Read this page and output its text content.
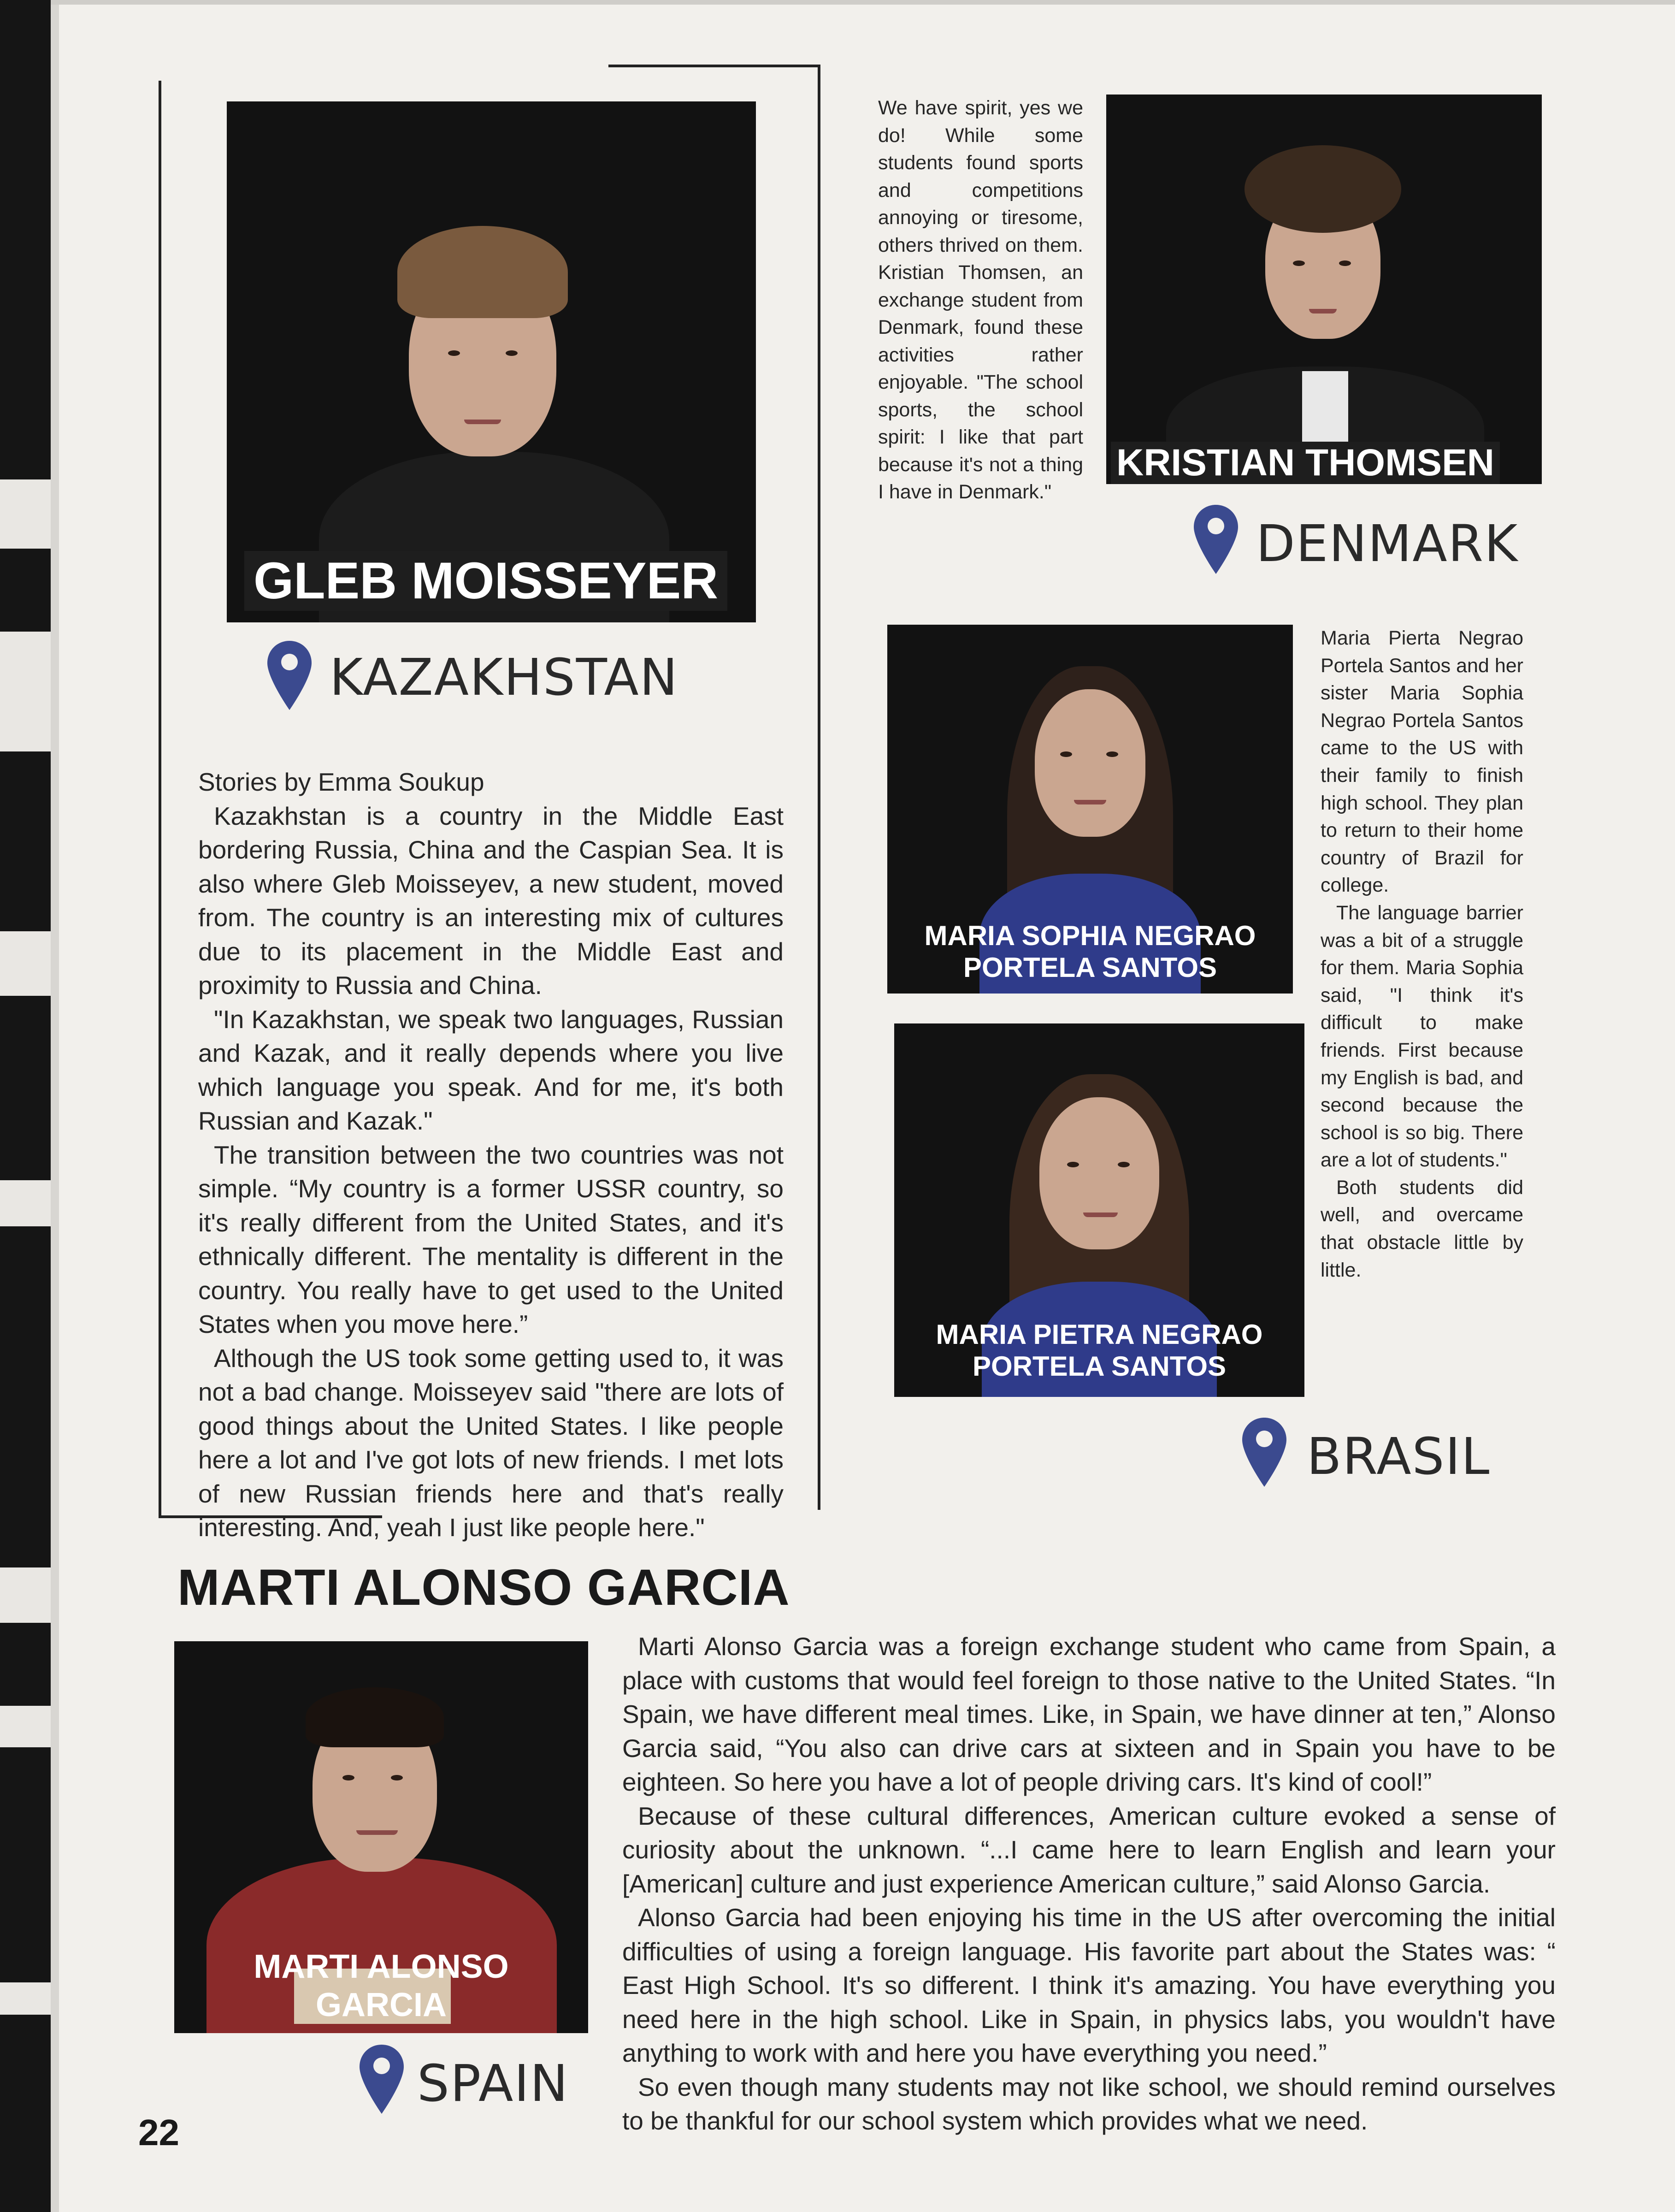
GLEB MOISSEYER
KAZAKHSTAN

Stories by Emma Soukup

Kazakhstan is a country in the Middle East bordering Russia, China and the Caspian Sea. It is also where Gleb Moisseyev, a new student, moved from. The country is an interesting mix of cultures due to its placement in the Middle East and proximity to Russia and China.

"In Kazakhstan, we speak two languages, Russian and Kazak, and it really depends where you live which language you speak. And for me, it's both Russian and Kazak."

The transition between the two countries was not simple. “My country is a former USSR country, so it's really different from the United States, and it's ethnically different. The mentality is different in the country. You really have to get used to the United States when you move here.”

Although the US took some getting used to, it was not a bad change. Moisseyev said "there are lots of good things about the United States. I like people here a lot and I've got lots of new friends. I met lots of new Russian friends here and that's really interesting. And, yeah I just like people here."

We have spirit, yes we do! While some students found sports and competitions annoying or tiresome, others thrived on them. Kristian Thomsen, an exchange student from Denmark, found these activities rather enjoyable. "The school sports, the school spirit: I like that part because it's not a thing I have in Denmark."

KRISTIAN THOMSEN
DENMARK
MARIA SOPHIA NEGRAO
PORTELA SANTOS
MARIA PIETRA NEGRAO
PORTELA SANTOS

Maria Pierta Negrao Portela Santos and her sister Maria Sophia Negrao Portela Santos came to the US with their family to finish high school. They plan to return to their home country of Brazil for college.

The language barrier was a bit of a struggle for them. Maria Sophia said, "I think it's difficult to make friends. First because my English is bad, and second because the school is so big. There are a lot of students."

Both students did well, and overcame that obstacle little by little.

BRASIL
MARTI ALONSO GARCIA
MARTI ALONSO
GARCIA
SPAIN

Marti Alonso Garcia was a foreign exchange student who came from Spain, a place with customs that would feel foreign to those native to the United States. “In Spain, we have different meal times. Like, in Spain, we have dinner at ten,” Alonso Garcia said, “You also can drive cars at sixteen and in Spain you have to be eighteen. So here you have a lot of people driving cars. It's kind of cool!”

Because of these cultural differences, American culture evoked a sense of curiosity about the unknown. “...I came here to learn English and learn your [American] culture and just experience American culture,” said Alonso Garcia.

Alonso Garcia had been enjoying his time in the US after overcoming the initial difficulties of using a foreign language. His favorite part about the States was: “ East High School. It's so different. I think it's amazing. You have everything you need here in the high school. Like in Spain, in physics labs, you wouldn't have anything to work with and here you have everything you need.”

So even though many students may not like school, we should remind ourselves to be thankful for our school system which provides what we need.

22
